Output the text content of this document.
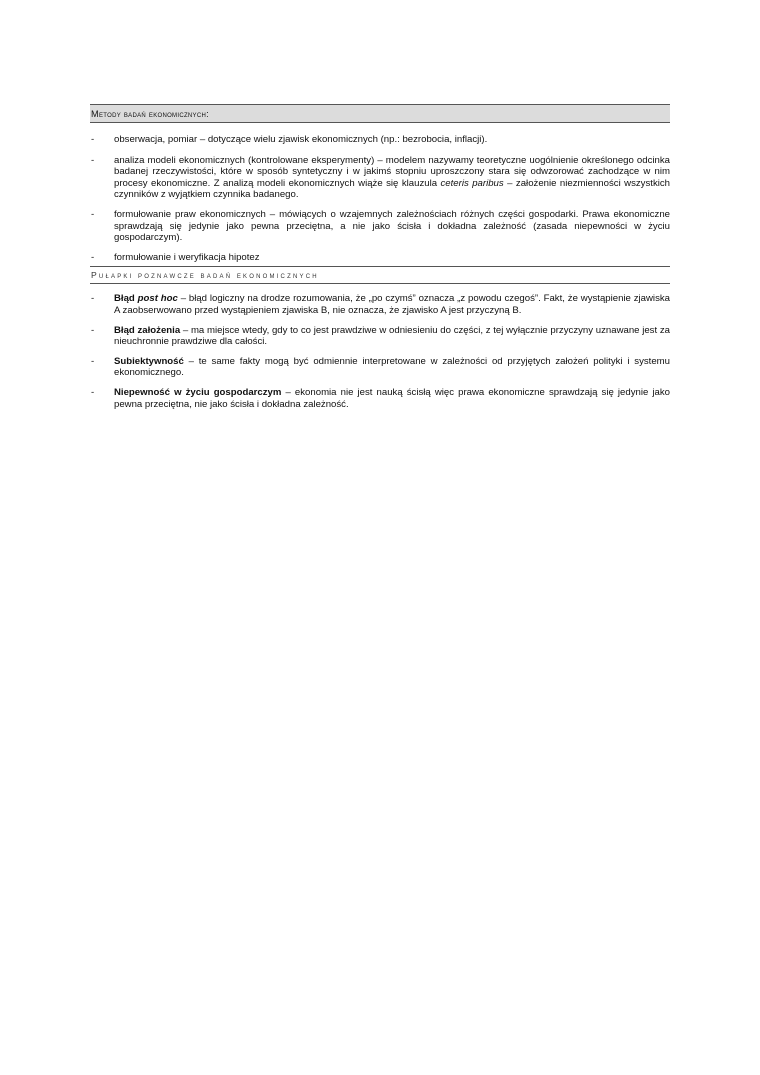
Metody badań ekonomicznych:
- obserwacja, pomiar – dotyczące wielu zjawisk ekonomicznych (np.: bezrobocia, inflacji).
- analiza modeli ekonomicznych (kontrolowane eksperymenty) – modelem nazywamy teoretyczne uogólnienie określonego odcinka badanej rzeczywistości, które w sposób syntetyczny i w jakimś stopniu uproszczony stara się odwzorować zachodzące w nim procesy ekonomiczne. Z analizą modeli ekonomicznych wiąże się klauzula ceteris paribus – założenie niezmienności wszystkich czynników z wyjątkiem czynnika badanego.
- formułowanie praw ekonomicznych – mówiących o wzajemnych zależnościach różnych części gospodarki. Prawa ekonomiczne sprawdzają się jedynie jako pewna przeciętna, a nie jako ścisła i dokładna zależność (zasada niepewności w życiu gospodarczym).
- formułowanie i weryfikacja hipotez
Pułapki poznawcze badań ekonomicznych
- Błąd post hoc – błąd logiczny na drodze rozumowania, że „po czymś” oznacza „z powodu czegoś”. Fakt, że wystąpienie zjawiska A zaobserwowano przed wystąpieniem zjawiska B, nie oznacza, że zjawisko A jest przyczyną B.
- Błąd założenia – ma miejsce wtedy, gdy to co jest prawdziwe w odniesieniu do części, z tej wyłącznie przyczyny uznawane jest za nieuchronnie prawdziwe dla całości.
- Subiektywność – te same fakty mogą być odmiennie interpretowane w zależności od przyjętych założeń polityki i systemu ekonomicznego.
- Niepewność w życiu gospodarczym – ekonomia nie jest nauką ścisłą więc prawa ekonomiczne sprawdzają się jedynie jako pewna przeciętna, nie jako ścisła i dokładna zależność.
